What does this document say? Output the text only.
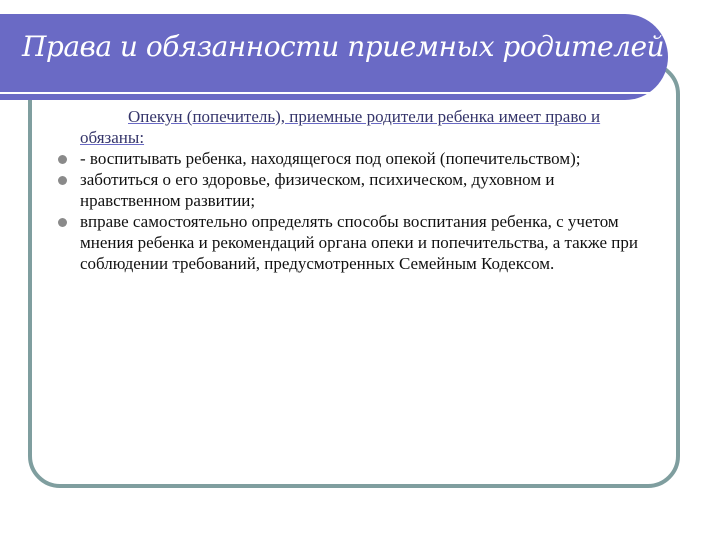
Права и обязанности приемных родителей

Опекун (попечитель), приемные родители ребенка имеет право и обязаны:

- воспитывать ребенка, находящегося под опекой (попечительством);
заботиться о его здоровье, физическом, психическом, духовном и нравственном развитии;
вправе самостоятельно определять способы воспитания ребенка, с учетом мнения ребенка и рекомендаций органа опеки и попечительства, а также при соблюдении требований, предусмотренных Семейным Кодексом.
